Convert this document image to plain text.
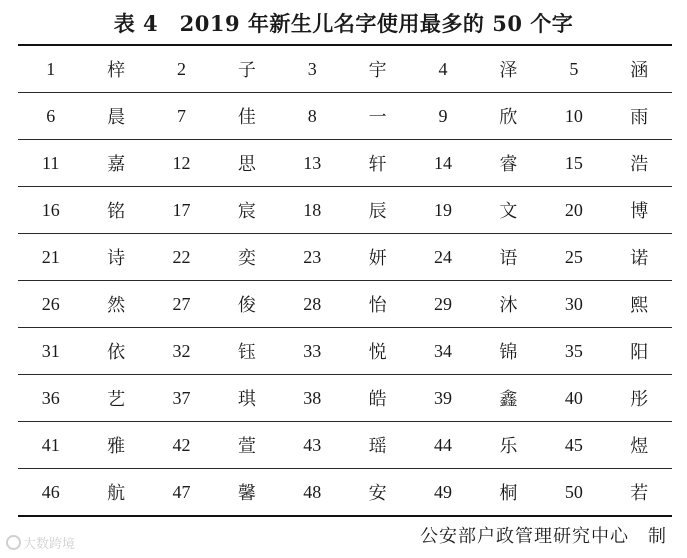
表 4　2019 年新生儿名字使用最多的 50 个字
1	梓	2	子	3	宇	4	泽	5	涵
6	晨	7	佳	8	一	9	欣	10	雨
11	嘉	12	思	13	轩	14	睿	15	浩
16	铭	17	宸	18	辰	19	文	20	博
21	诗	22	奕	23	妍	24	语	25	诺
26	然	27	俊	28	怡	29	沐	30	熙
31	依	32	钰	33	悦	34	锦	35	阳
36	艺	37	琪	38	皓	39	鑫	40	彤
41	雅	42	萱	43	瑶	44	乐	45	煜
46	航	47	馨	48	安	49	桐	50	若
公安部户政管理研究中心　制
大数跨境
